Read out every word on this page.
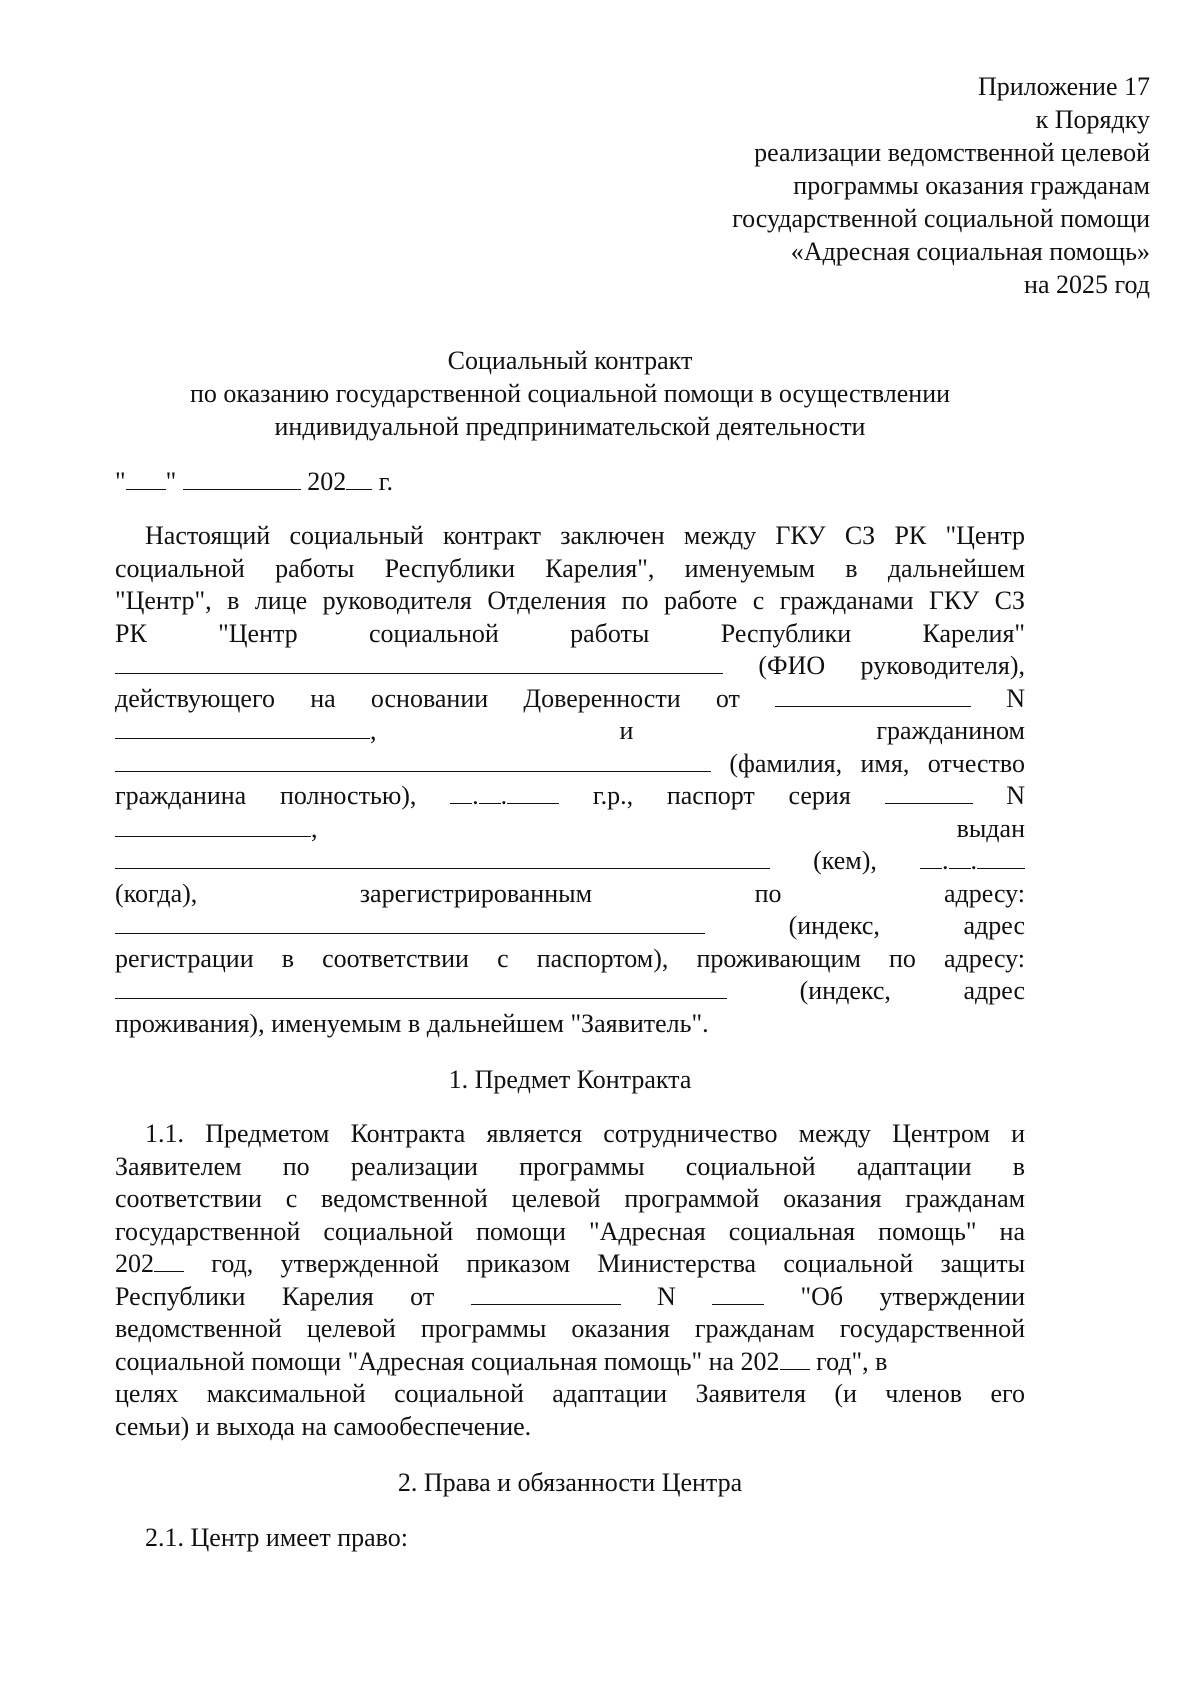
Приложение 17
к Порядку
реализации ведомственной целевой
программы оказания гражданам
государственной социальной помощи
«Адресная социальная помощь»
на 2025 год
Социальный контракт
по оказанию государственной социальной помощи в осуществлении
индивидуальной предпринимательской деятельности
" "	202 г.
Настоящий социальный контракт заключен между ГКУ СЗ РК "Центр
социальной работы Республики Карелия", именуемым в дальнейшем
"Центр", в лице руководителя Отделения по работе с гражданами ГКУ СЗ
РК	"Центр	социальной	работы	Республики	Карелия"
(ФИО руководителя),
действующего на основании Доверенности от	N
,	и	гражданином
(фамилия, имя, отчество
гражданина полностью), . .	г.р., паспорт серия	N
,	выдан
(кем),	. .
(когда),	зарегистрированным	по	адресу:
(индекс,	адрес
регистрации в соответствии с паспортом), проживающим по адресу:
(индекс,	адрес
проживания), именуемым в дальнейшем "Заявитель".
1. Предмет Контракта
1.1. Предметом Контракта является сотрудничество между Центром и
Заявителем по реализации программы социальной адаптации в
соответствии с ведомственной целевой программой оказания гражданам
государственной социальной помощи "Адресная социальная помощь" на
202 год, утвержденной приказом Министерства социальной защиты
Республики Карелия от	N	"Об утверждении
ведомственной целевой программы оказания гражданам государственной
социальной помощи "Адресная социальная помощь" на 202 год", в
целях максимальной социальной адаптации Заявителя (и членов его
семьи) и выхода на самообеспечение.
2. Права и обязанности Центра
2.1. Центр имеет право:
